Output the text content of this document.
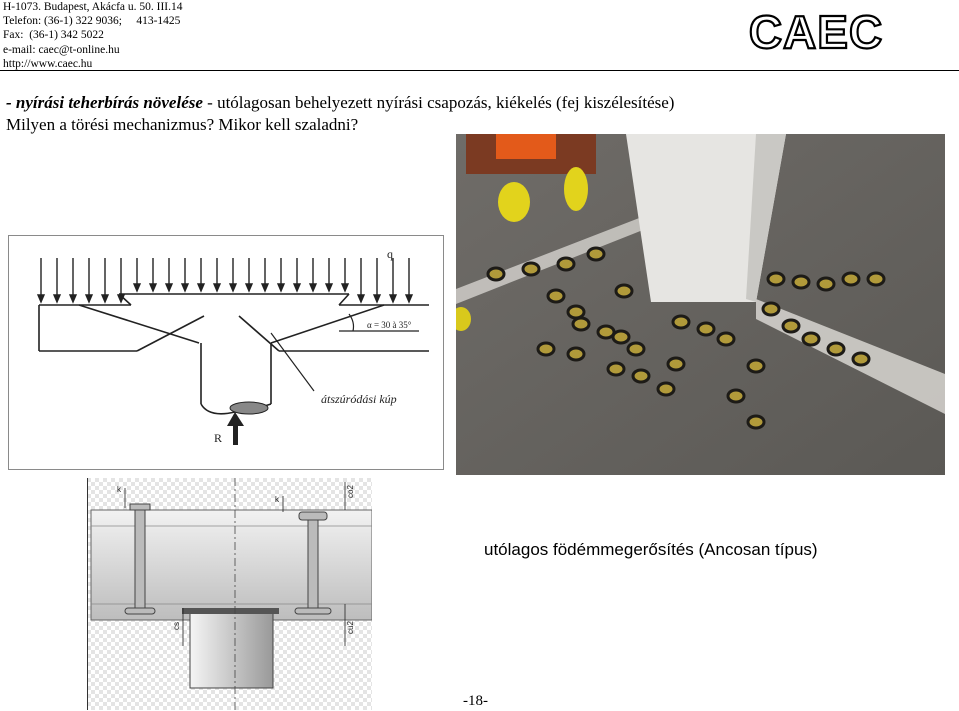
H-1073. Budapest, Akácfa u. 50. III.14
Telefon: (36-1) 322 9036;     413-1425
Fax:  (36-1) 342 5022
e-mail: caec@t-online.hu
http://www.caec.hu
CAEC
- nyírási teherbírás növelése - utólagosan behelyezett nyírási csapozás, kiékelés (fej kiszélesítése)
Milyen a törési mechanizmus? Mikor kell szaladni?
q
α = 30 à 35°
átszúródási kúp
R
k
k
co2
cs	cu2
utólagos födémmegerősítés (Ancosan típus)
-18-
